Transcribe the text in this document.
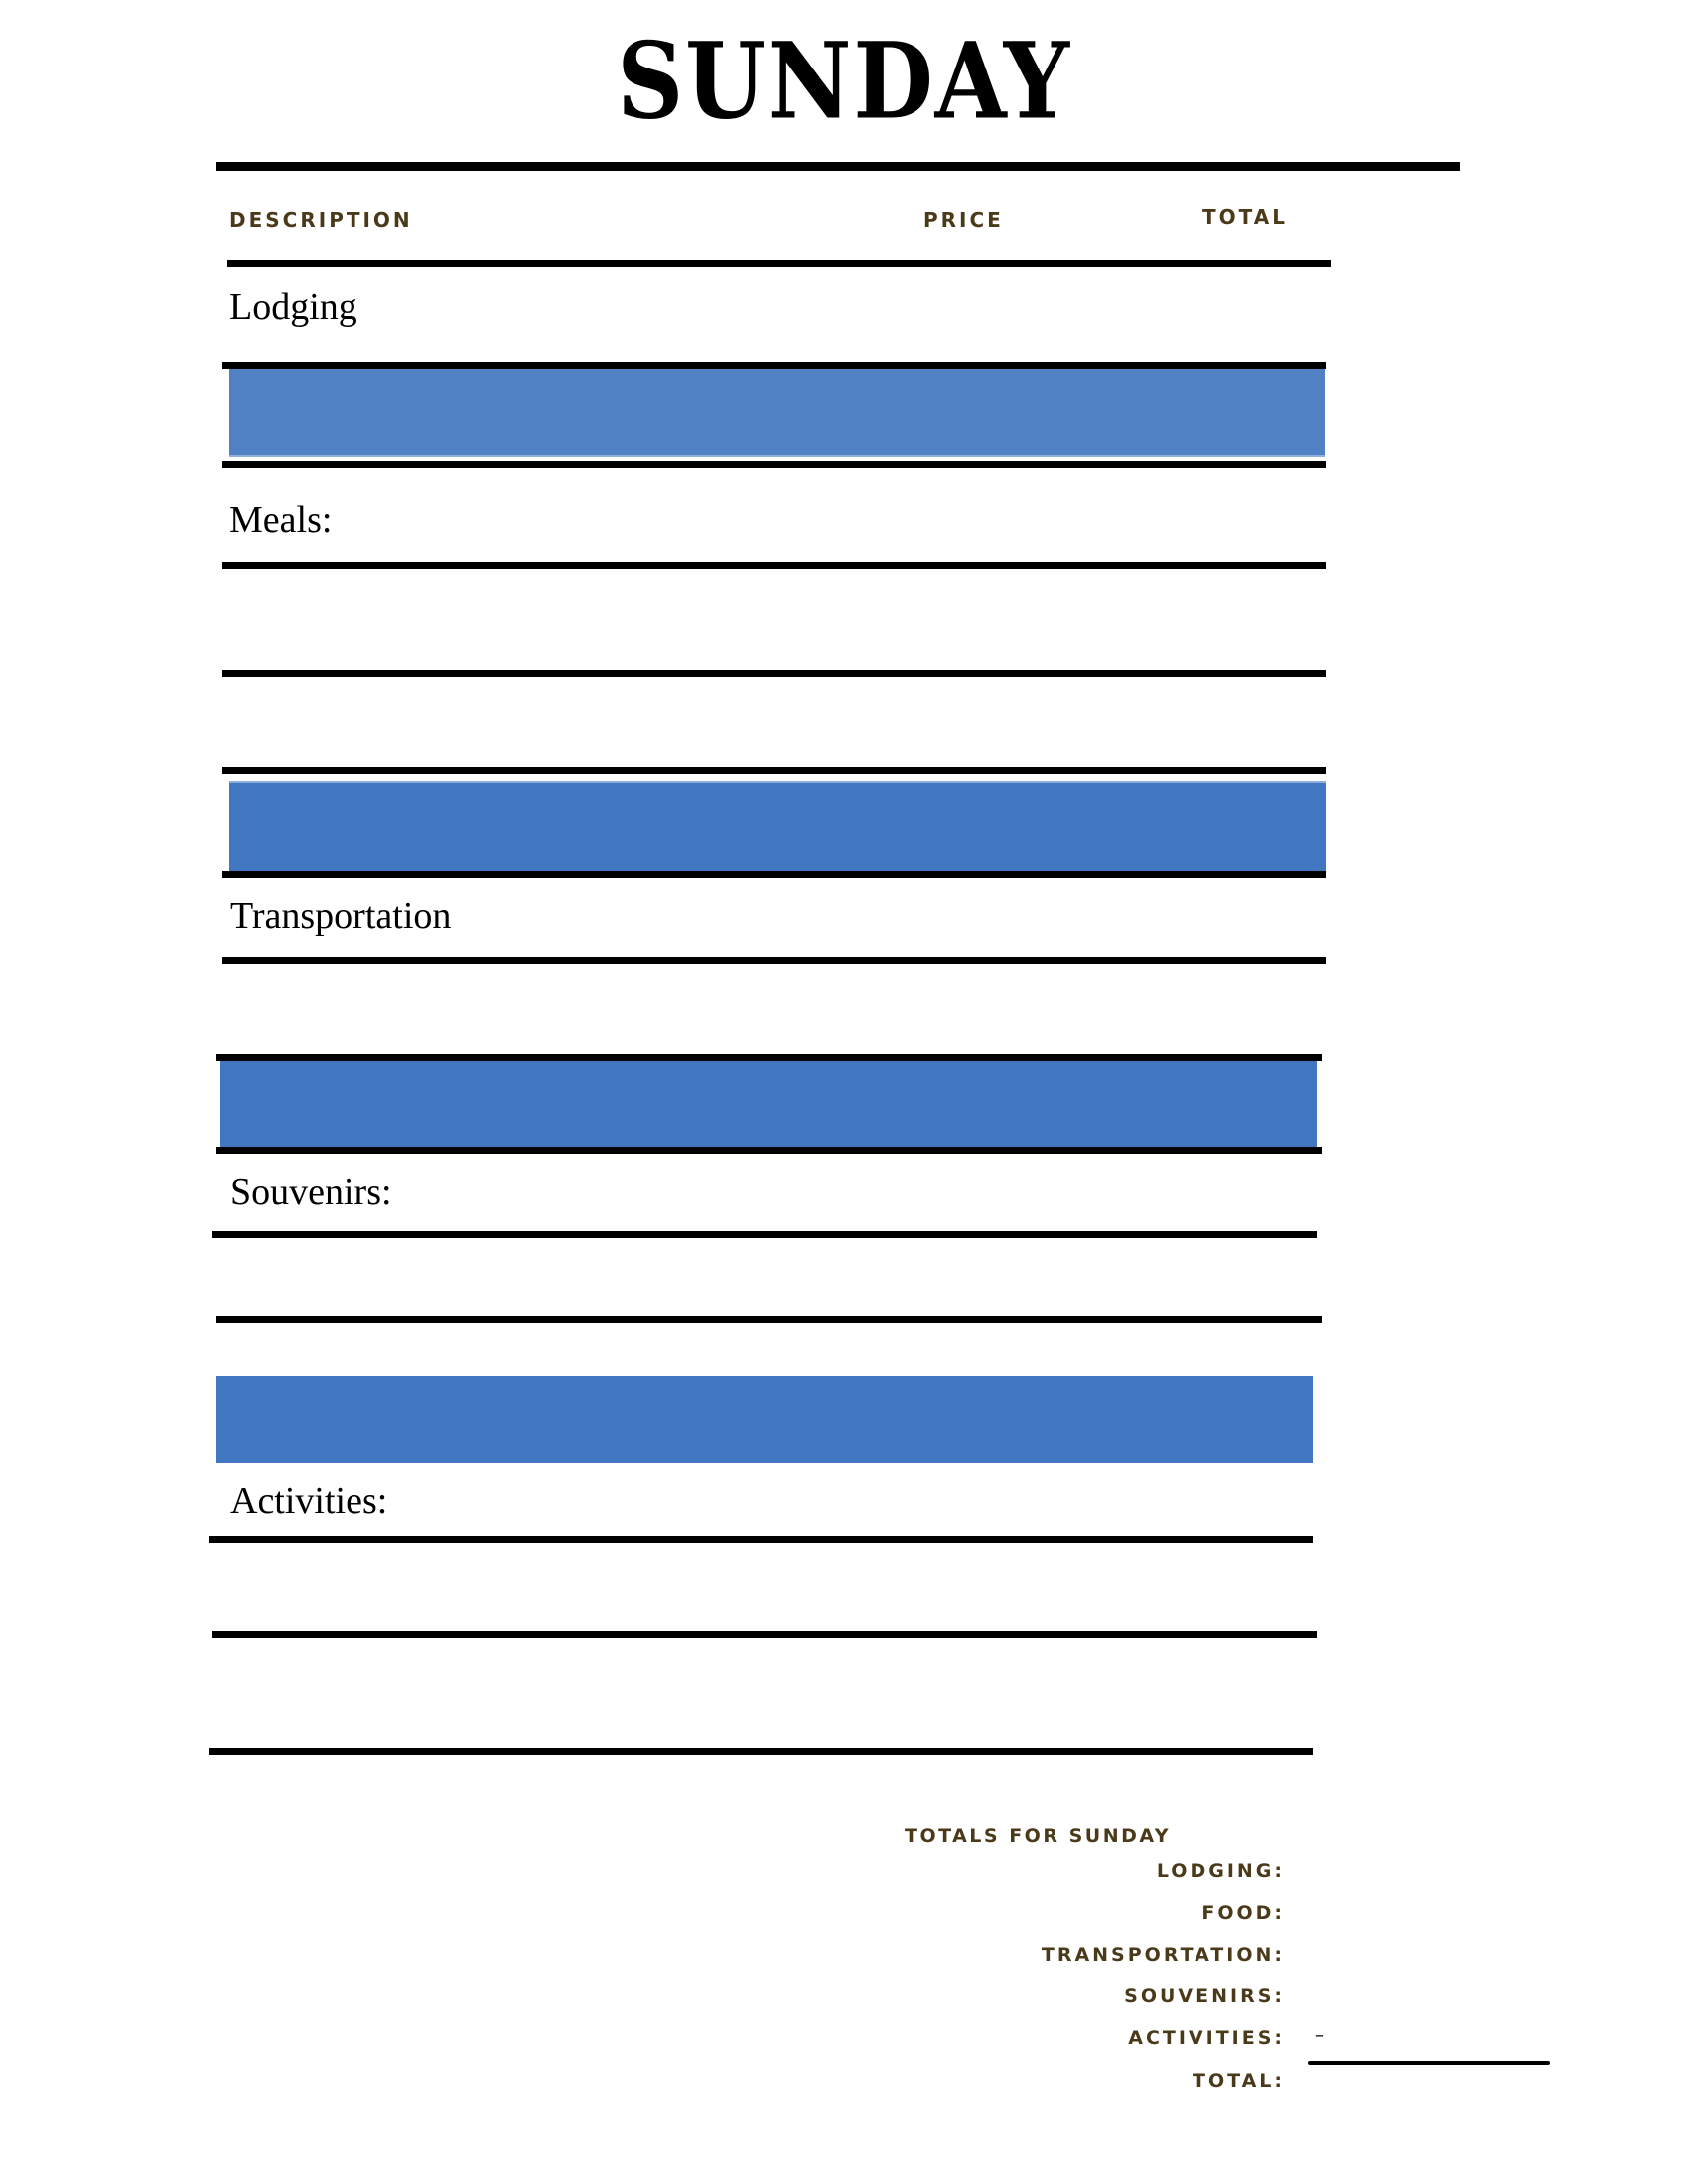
SUNDAY
DESCRIPTION	PRICE	TOTAL
Lodging
Meals:
Transportation
Souvenirs:
Activities:
TOTALS FOR SUNDAY
LODGING:
FOOD:
TRANSPORTATION:
SOUVENIRS:
ACTIVITIES: –
TOTAL:
